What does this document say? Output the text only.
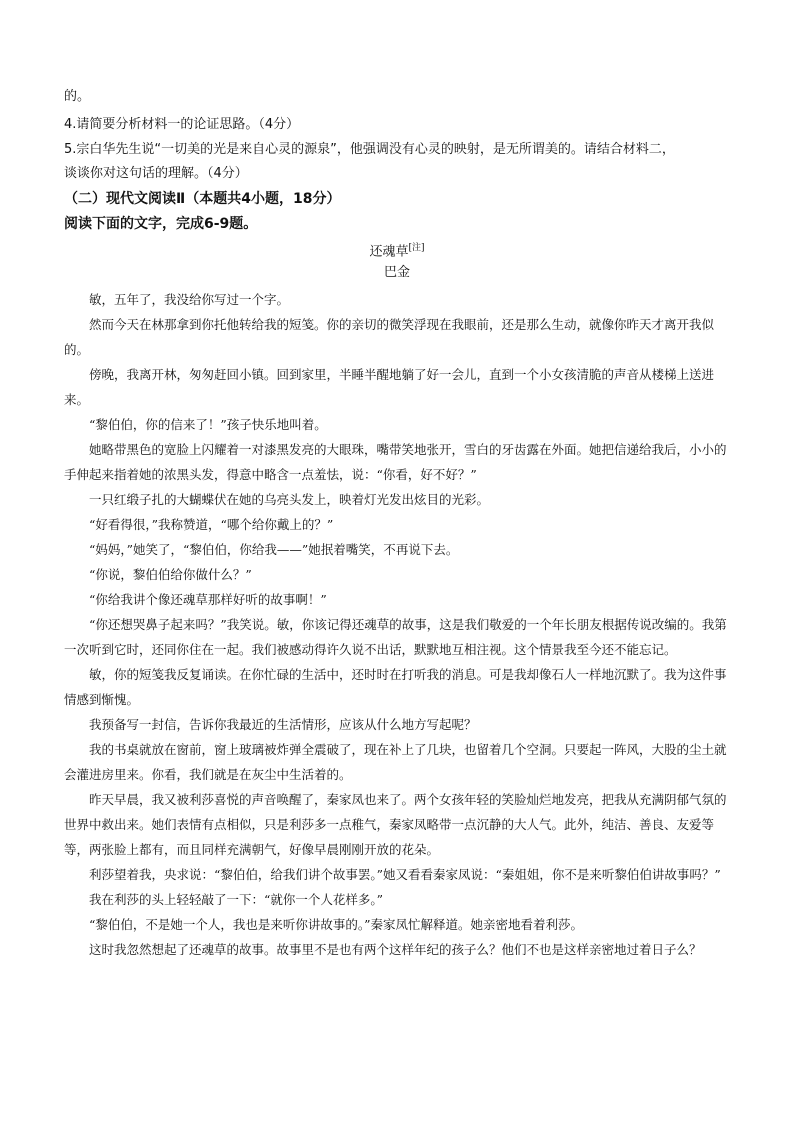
的。
4.请简要分析材料一的论证思路。（4分）
5.宗白华先生说“一切美的光是来自心灵的源泉”，他强调没有心灵的映射，是无所谓美的。请结合材料二，
谈谈你对这句话的理解。（4分）
（二）现代文阅读Ⅱ（本题共4小题，18分）
阅读下面的文字，完成6-9题。
还魂草[注]
巴金

敏，五年了，我没给你写过一个字。

然而今天在林那拿到你托他转给我的短笺。你的亲切的微笑浮现在我眼前，还是那么生动，就像你昨天才离开我似的。

傍晚，我离开林，匆匆赶回小镇。回到家里，半睡半醒地躺了好一会儿，直到一个小女孩清脆的声音从楼梯上送进来。

“黎伯伯，你的信来了！”孩子快乐地叫着。

她略带黑色的宽脸上闪耀着一对漆黑发亮的大眼珠，嘴带笑地张开，雪白的牙齿露在外面。她把信递给我后，小小的手伸起来指着她的浓黑头发，得意中略含一点羞怯，说：“你看，好不好？”

一只红缎子扎的大蝴蝶伏在她的乌亮头发上，映着灯光发出炫目的光彩。

“好看得很，”我称赞道，“哪个给你戴上的？”

“妈妈，”她笑了，“黎伯伯，你给我——”她抿着嘴笑，不再说下去。

“你说，黎伯伯给你做什么？”

“你给我讲个像还魂草那样好听的故事啊！”

“你还想哭鼻子起来吗？”我笑说。敏，你该记得还魂草的故事，这是我们敬爱的一个年长朋友根据传说改编的。我第一次听到它时，还同你住在一起。我们被感动得许久说不出话，默默地互相注视。这个情景我至今还不能忘记。

敏，你的短笺我反复诵读。在你忙碌的生活中，还时时在打听我的消息。可是我却像石人一样地沉默了。我为这件事情感到惭愧。

我预备写一封信，告诉你我最近的生活情形，应该从什么地方写起呢？

我的书桌就放在窗前，窗上玻璃被炸弹全震破了，现在补上了几块，也留着几个空洞。只要起一阵风，大股的尘土就会灌进房里来。你看，我们就是在灰尘中生活着的。

昨天早晨，我又被利莎喜悦的声音唤醒了，秦家凤也来了。两个女孩年轻的笑脸灿烂地发亮，把我从充满阴郁气氛的世界中救出来。她们表情有点相似，只是利莎多一点稚气，秦家凤略带一点沉静的大人气。此外，纯洁、善良、友爱等等，两张脸上都有，而且同样充满朝气，好像早晨刚刚开放的花朵。

利莎望着我，央求说：“黎伯伯，给我们讲个故事罢。”她又看看秦家凤说：“秦姐姐，你不是来听黎伯伯讲故事吗？”

我在利莎的头上轻轻敲了一下：“就你一个人花样多。”

“黎伯伯，不是她一个人，我也是来听你讲故事的。”秦家凤忙解释道。她亲密地看着利莎。

这时我忽然想起了还魂草的故事。故事里不是也有两个这样年纪的孩子么？他们不也是这样亲密地过着日子么？
